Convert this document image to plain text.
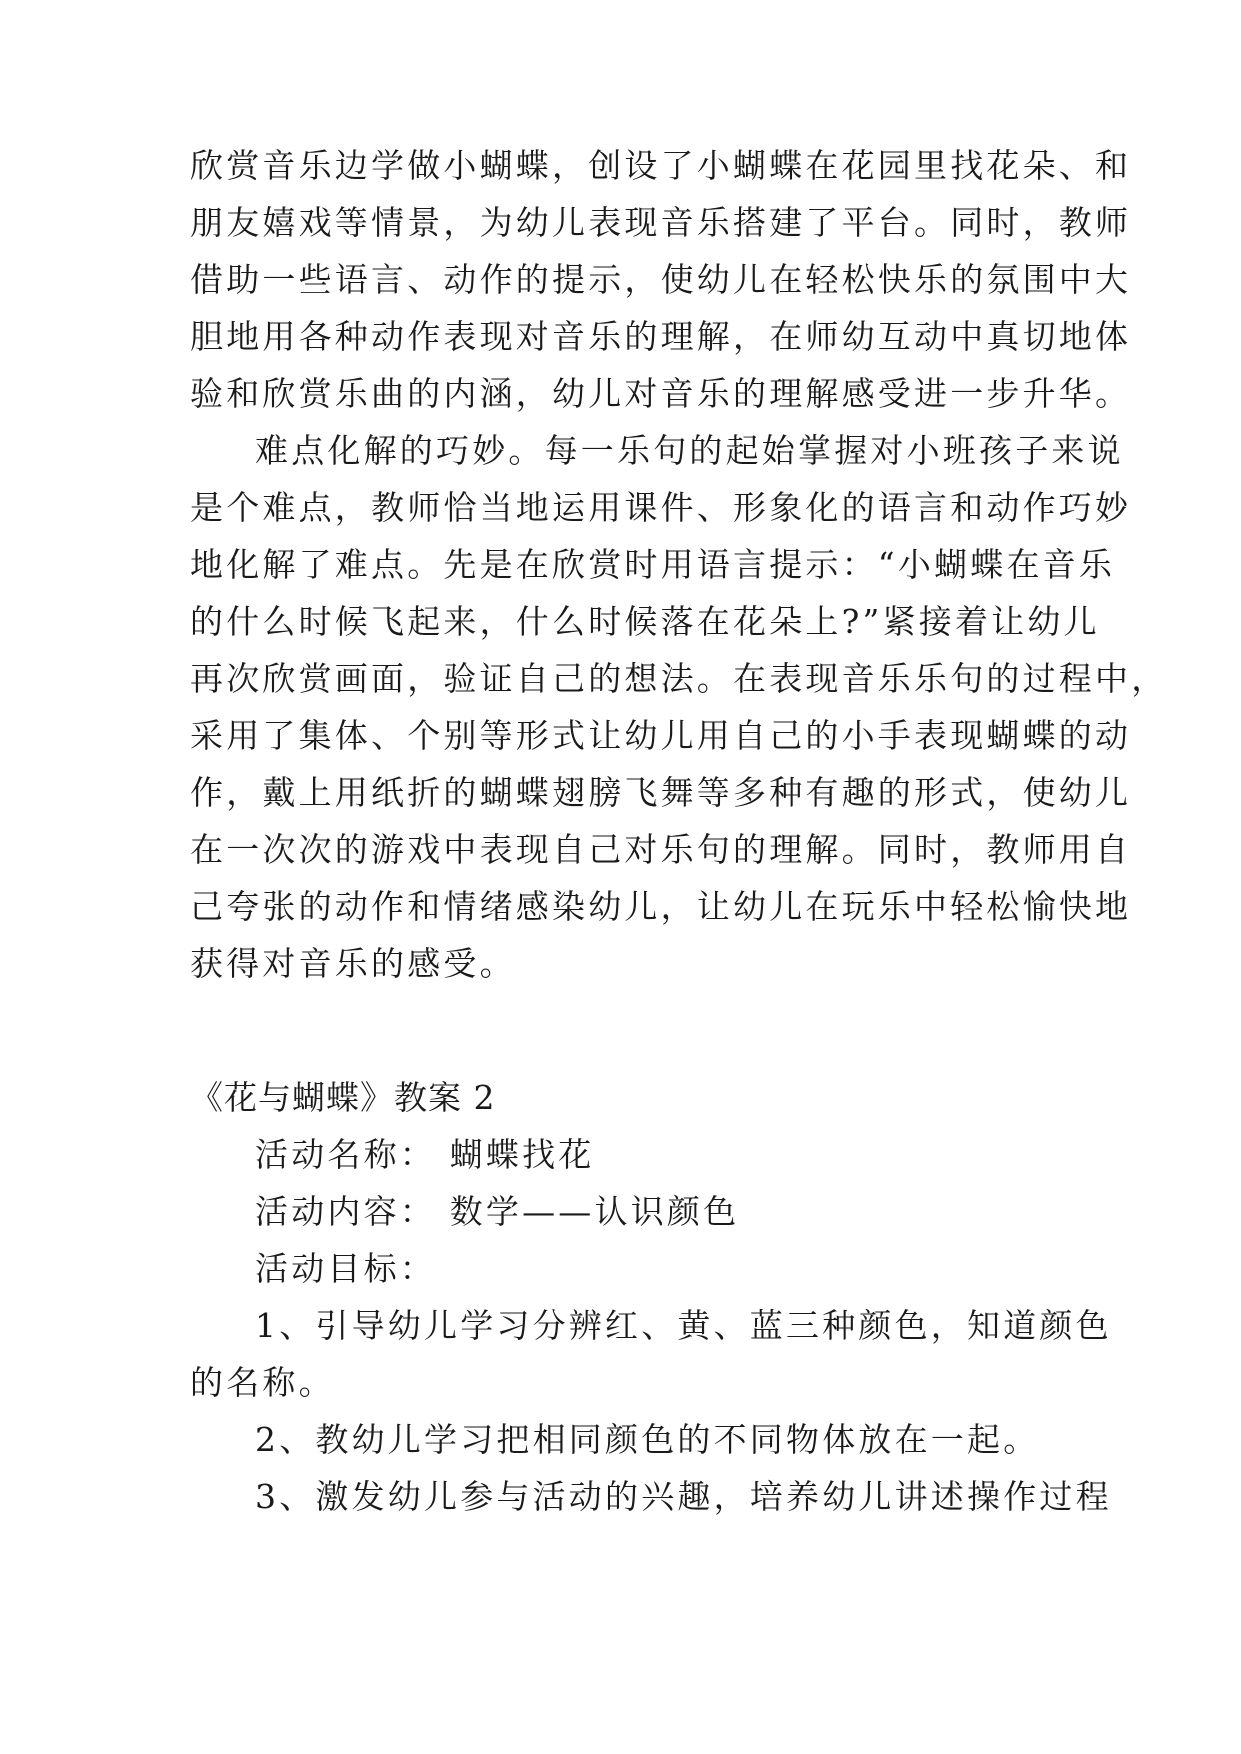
欣赏音乐边学做小蝴蝶，创设了小蝴蝶在花园里找花朵、和
朋友嬉戏等情景，为幼儿表现音乐搭建了平台。同时，教师
借助一些语言、动作的提示，使幼儿在轻松快乐的氛围中大
胆地用各种动作表现对音乐的理解，在师幼互动中真切地体
验和欣赏乐曲的内涵，幼儿对音乐的理解感受进一步升华。
难点化解的巧妙。每一乐句的起始掌握对小班孩子来说
是个难点，教师恰当地运用课件、形象化的语言和动作巧妙
地化解了难点。先是在欣赏时用语言提示：“小蝴蝶在音乐
的什么时候飞起来，什么时候落在花朵上?”紧接着让幼儿
再次欣赏画面，验证自己的想法。在表现音乐乐句的过程中，
采用了集体、个别等形式让幼儿用自己的小手表现蝴蝶的动
作，戴上用纸折的蝴蝶翅膀飞舞等多种有趣的形式，使幼儿
在一次次的游戏中表现自己对乐句的理解。同时，教师用自
己夸张的动作和情绪感染幼儿，让幼儿在玩乐中轻松愉快地
获得对音乐的感受。
《花与蝴蝶》教案 2
活动名称： 蝴蝶找花
活动内容： 数学——认识颜色
活动目标：
1、引导幼儿学习分辨红、黄、蓝三种颜色，知道颜色
的名称。
2、教幼儿学习把相同颜色的不同物体放在一起。
3、激发幼儿参与活动的兴趣，培养幼儿讲述操作过程
